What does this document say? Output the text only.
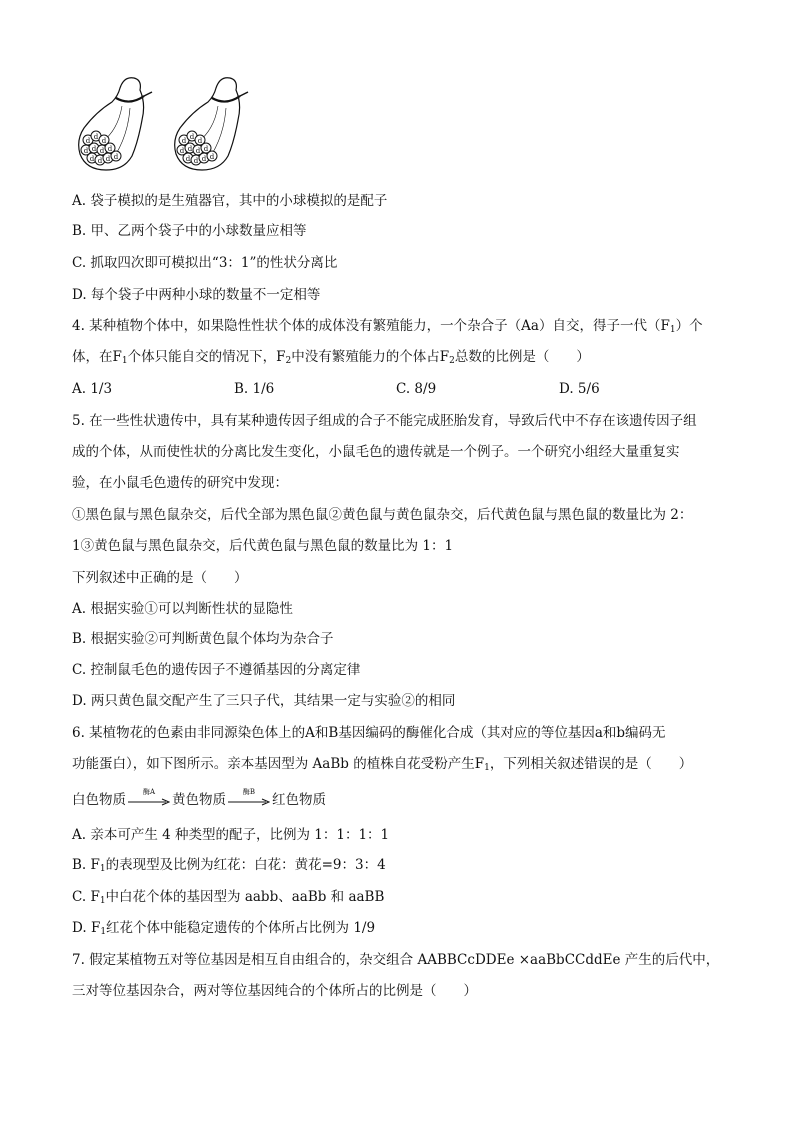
d d d
d d d d
d d d d
d d d
d d d d
d d d d
A. 袋子模拟的是生殖器官，其中的小球模拟的是配子
B. 甲、乙两个袋子中的小球数量应相等
C. 抓取四次即可模拟出“3：1”的性状分离比
D. 每个袋子中两种小球的数量不一定相等
4. 某种植物个体中，如果隐性性状个体的成体没有繁殖能力，一个杂合子（Aa）自交，得子一代$(F_1)$个
体，在$F_1$个体只能自交的情况下，$F_2$中没有繁殖能力的个体占$F_2$总数的比例是（　　）
A. 1/3	B. 1/6	C. 8/9	D. 5/6
5. 在一些性状遗传中，具有某种遗传因子组成的合子不能完成胚胎发育，导致后代中不存在该遗传因子组
成的个体，从而使性状的分离比发生变化，小鼠毛色的遗传就是一个例子。一个研究小组经大量重复实
验，在小鼠毛色遗传的研究中发现：
①黑色鼠与黑色鼠杂交，后代全部为黑色鼠②黄色鼠与黄色鼠杂交，后代黄色鼠与黑色鼠的数量比为 2：
1③黄色鼠与黑色鼠杂交，后代黄色鼠与黑色鼠的数量比为 1：1
下列叙述中正确的是（　　）
A. 根据实验①可以判断性状的显隐性
B. 根据实验②可判断黄色鼠个体均为杂合子
C. 控制鼠毛色的遗传因子不遵循基因的分离定律
D. 两只黄色鼠交配产生了三只子代，其结果一定与实验②的相同
6. 某植物花的色素由非同源染色体上的A和B基因编码的酶催化合成（其对应的等位基因a和b编码无
功能蛋白），如下图所示。亲本基因型为 AaBb 的植株自花受粉产生$F_1$，下列相关叙述错误的是（　　）
白色物质
酶A
黄色物质
酶B
红色物质
A. 亲本可产生 4 种类型的配子，比例为 1：1：1：1
B. $F_1$的表现型及比例为红花：白花：黄花=9：3：4
C. $F_1$中白花个体的基因型为 aabb、aaBb 和 aaBB
D. $F_1$红花个体中能稳定遗传的个体所占比例为 1/9
7. 假定某植物五对等位基因是相互自由组合的，杂交组合 AABBCcDDEe ×aaBbCCddEe 产生的后代中，
三对等位基因杂合，两对等位基因纯合的个体所占的比例是（　　）
